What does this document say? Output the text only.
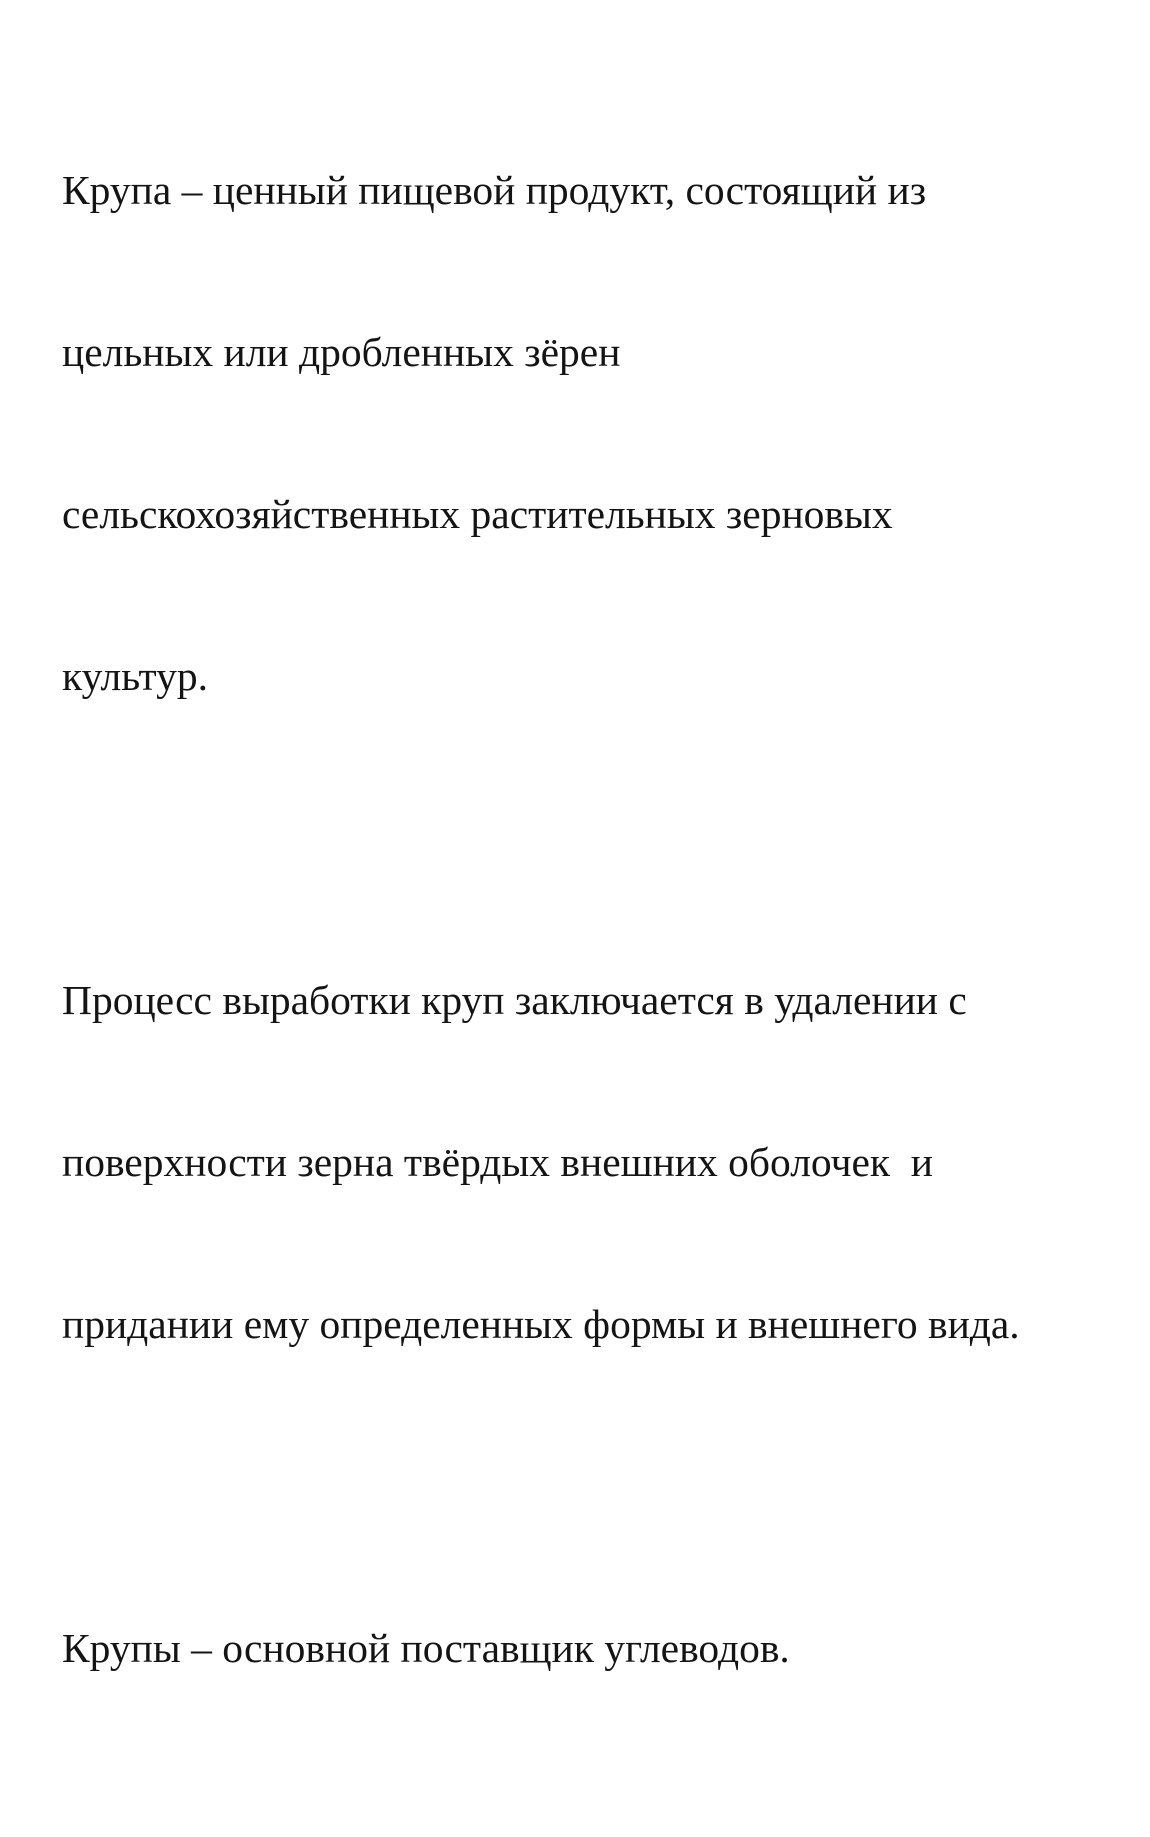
Крупа – ценный пищевой продукт, состоящий из

цельных или дробленных зёрен

сельскохозяйственных растительных зерновых

культур.

Процесс выработки круп заключается в удалении с

поверхности зерна твёрдых внешних оболочек  и

придании ему определенных формы и внешнего вида.

Крупы – основной поставщик углеводов.
